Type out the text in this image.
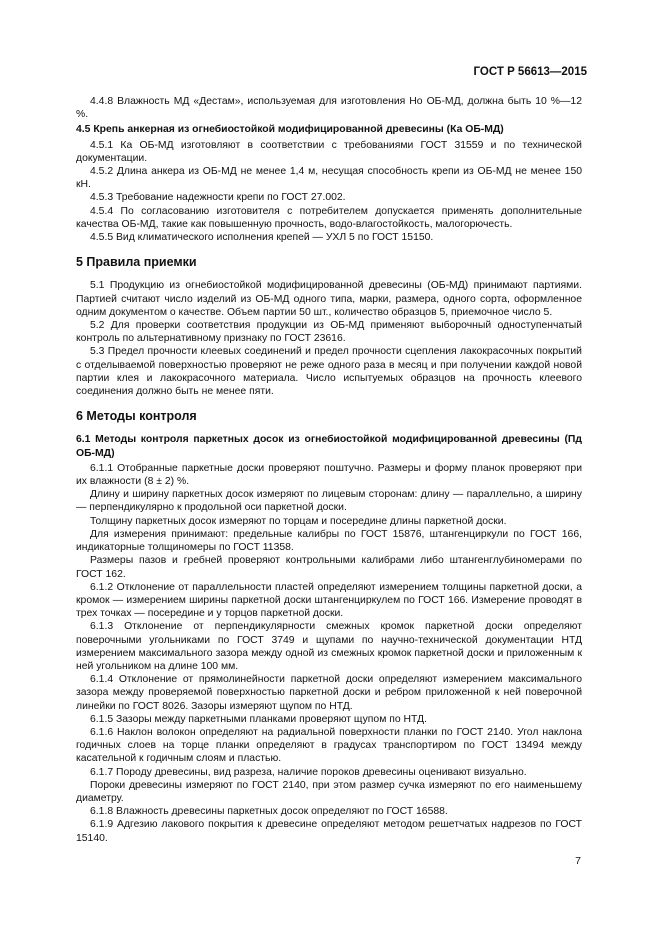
ГОСТ Р 56613—2015

4.4.8 Влажность МД «Дестам», используемая для изготовления Но ОБ-МД, должна быть 10 %—12 %.

4.5 Крепь анкерная из огнебиостойкой модифицированной древесины (Ка ОБ-МД)

4.5.1 Ка ОБ-МД изготовляют в соответствии с требованиями ГОСТ 31559 и по технической документации.

4.5.2 Длина анкера из ОБ-МД не менее 1,4 м, несущая способность крепи из ОБ-МД не менее 150 кН.

4.5.3 Требование надежности крепи по ГОСТ 27.002.

4.5.4 По согласованию изготовителя с потребителем допускается применять дополнительные качества ОБ-МД, такие как повышенную прочность, водо-влагостойкость, малогорючесть.

4.5.5 Вид климатического исполнения крепей — УХЛ 5 по ГОСТ 15150.

5 Правила приемки

5.1 Продукцию из огнебиостойкой модифицированной древесины (ОБ-МД) принимают партиями. Партией считают число изделий из ОБ-МД одного типа, марки, размера, одного сорта, оформленное одним документом о качестве. Объем партии 50 шт., количество образцов 5, приемочное число 5.

5.2 Для проверки соответствия продукции из ОБ-МД применяют выборочный одноступенчатый контроль по альтернативному признаку по ГОСТ 23616.

5.3 Предел прочности клеевых соединений и предел прочности сцепления лакокрасочных покрытий с отделываемой поверхностью проверяют не реже одного раза в месяц и при получении каждой новой партии клея и лакокрасочного материала. Число испытуемых образцов на прочность клеевого соединения должно быть не менее пяти.

6 Методы контроля

6.1 Методы контроля паркетных досок из огнебиостойкой модифицированной древесины (Пд ОБ-МД)

6.1.1 Отобранные паркетные доски проверяют поштучно. Размеры и форму планок проверяют при их влажности (8 ± 2) %.

Длину и ширину паркетных досок измеряют по лицевым сторонам: длину — параллельно, а ширину — перпендикулярно к продольной оси паркетной доски.

Толщину паркетных досок измеряют по торцам и посередине длины паркетной доски.

Для измерения принимают: предельные калибры по ГОСТ 15876, штангенциркули по ГОСТ 166, индикаторные толщиномеры по ГОСТ 11358.

Размеры пазов и гребней проверяют контрольными калибрами либо штангенглубиномерами по ГОСТ 162.

6.1.2 Отклонение от параллельности пластей определяют измерением толщины паркетной доски, а кромок — измерением ширины паркетной доски штангенциркулем по ГОСТ 166. Измерение проводят в трех точках — посередине и у торцов паркетной доски.

6.1.3 Отклонение от перпендикулярности смежных кромок паркетной доски определяют поверочными угольниками по ГОСТ 3749 и щупами по научно-технической документации НТД измерением максимального зазора между одной из смежных кромок паркетной доски и приложенным к ней угольником на длине 100 мм.

6.1.4 Отклонение от прямолинейности паркетной доски определяют измерением максимального зазора между проверяемой поверхностью паркетной доски и ребром приложенной к ней поверочной линейки по ГОСТ 8026. Зазоры измеряют щупом по НТД.

6.1.5 Зазоры между паркетными планками проверяют щупом по НТД.

6.1.6 Наклон волокон определяют на радиальной поверхности планки по ГОСТ 2140. Угол наклона годичных слоев на торце планки определяют в градусах транспортиром по ГОСТ 13494 между касательной к годичным слоям и пластью.

6.1.7 Породу древесины, вид разреза, наличие пороков древесины оценивают визуально.

Пороки древесины измеряют по ГОСТ 2140, при этом размер сучка измеряют по его наименьшему диаметру.

6.1.8 Влажность древесины паркетных досок определяют по ГОСТ 16588.

6.1.9 Адгезию лакового покрытия к древесине определяют методом решетчатых надрезов по ГОСТ 15140.

7
